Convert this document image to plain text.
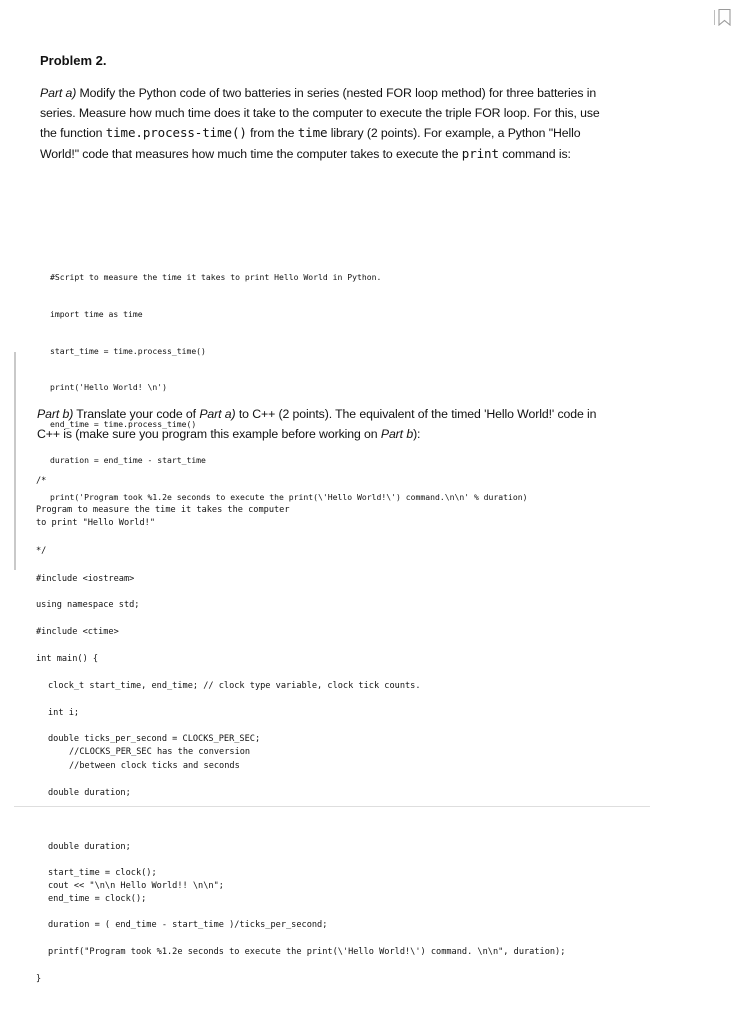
Problem 2.
Part a) Modify the Python code of two batteries in series (nested FOR loop method) for three batteries in series. Measure how much time does it take to the computer to execute the triple FOR loop. For this, use the function time.process-time() from the time library (2 points). For example, a Python "Hello World!" code that measures how much time the computer takes to execute the print command is:

#Script to measure the time it takes to print Hello World in Python.

import time as time

start_time = time.process_time()

print('Hello World! \n')

end_time = time.process_time()

duration = end_time - start_time

print('Program took %1.2e seconds to execute the print(\'Hello World!\') command.\n\n' % duration)

Part b) Translate your code of Part a) to C++ (2 points). The equivalent of the timed 'Hello World!' code in C++ is (make sure you program this example before working on Part b):
/*
Program to measure the time it takes the computer
to print "Hello World!"
*/
#include <iostream>
using namespace std;
#include <ctime>
int main() {
clock_t start_time, end_time; // clock type variable, clock tick counts.
int i;
double ticks_per_second = CLOCKS_PER_SEC;
//CLOCKS_PER_SEC has the conversion
//between clock ticks and seconds
double duration;
double duration;
start_time = clock();
cout << "\n\n Hello World!! \n\n";
end_time = clock();
duration = ( end_time - start_time )/ticks_per_second;
printf("Program took %1.2e seconds to execute the print(\'Hello World!\') command. \n\n", duration);
}
